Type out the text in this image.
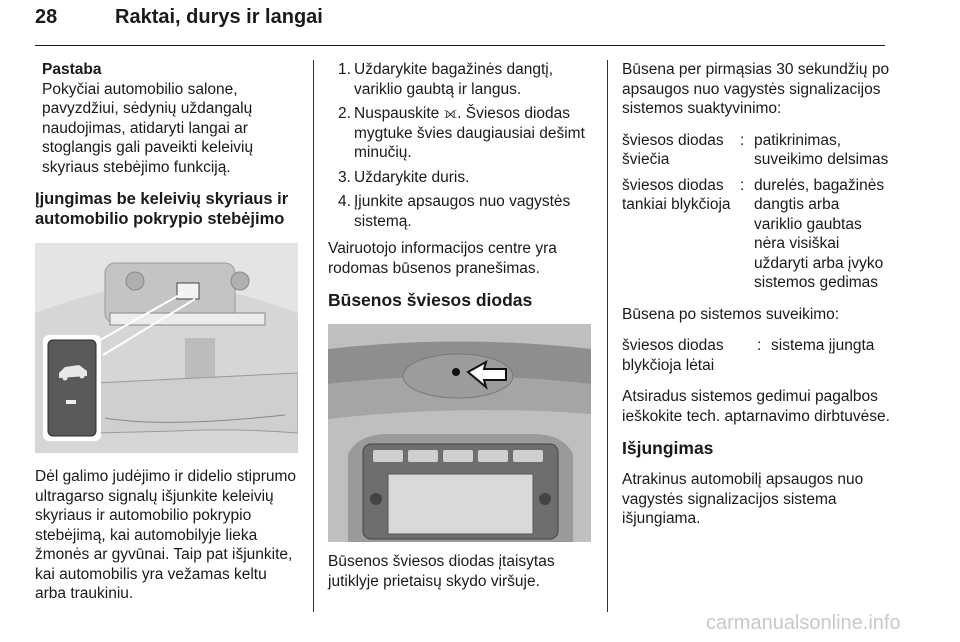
28	Raktai, durys ir langai
Pastaba
Pokyčiai automobilio salone, pavyzdžiui, sėdynių uždangalų naudojimas, atidaryti langai ar stoglangis gali paveikti keleivių skyriaus stebėjimo funkciją.
Įjungimas be keleivių skyriaus ir automobilio pokrypio stebėjimo

Dėl galimo judėjimo ir didelio stiprumo ultragarso signalų išjunkite keleivių skyriaus ir automobilio pokrypio stebėjimą, kai automobilyje lieka žmonės ar gyvūnai. Taip pat išjunkite, kai automobilis yra vežamas keltu arba traukiniu.

1. Uždarykite bagažinės dangtį, variklio gaubtą ir langus.
2. Nuspauskite ⟗. Šviesos diodas mygtuke švies daugiausiai dešimt minučių.
3. Uždarykite duris.
4. Įjunkite apsaugos nuo vagystės sistemą.

Vairuotojo informacijos centre yra rodomas būsenos pranešimas.

Būsenos šviesos diodas

Būsenos šviesos diodas įtaisytas jutiklyje prietaisų skydo viršuje.

Būsena per pirmąsias 30 sekundžių po apsaugos nuo vagystės signalizacijos sistemos suaktyvinimo:

šviesos diodas šviečia
: patikrinimas, suveikimo delsimas
šviesos diodas tankiai blykčioja
: durelės, bagažinės dangtis arba variklio gaubtas nėra visiškai uždaryti arba įvyko sistemos gedimas

Būsena po sistemos suveikimo:

šviesos diodas blykčioja lėtai
: sistema įjungta

Atsiradus sistemos gedimui pagalbos ieškokite tech. aptarnavimo dirbtuvėse.

Išjungimas

Atrakinus automobilį apsaugos nuo vagystės signalizacijos sistema išjungiama.

carmanualsonline.info
